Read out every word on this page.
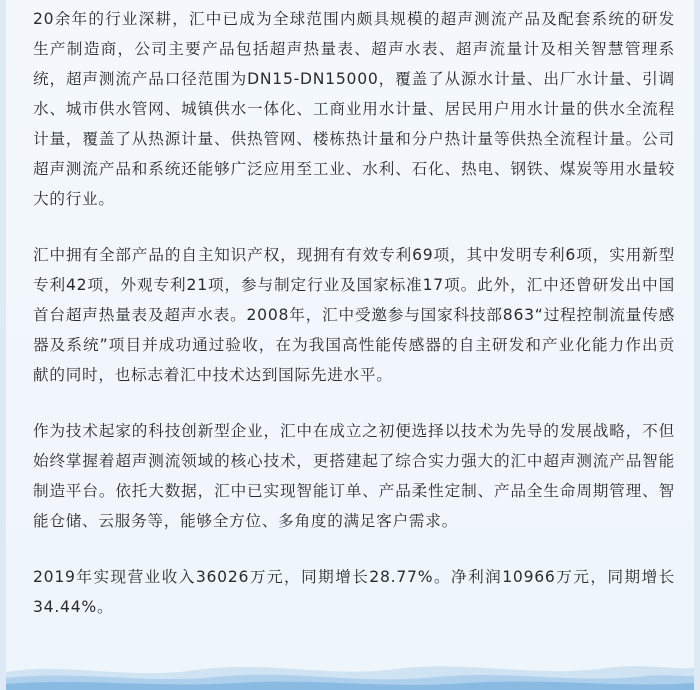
20余年的行业深耕，汇中已成为全球范围内颇具规模的超声测流产品及配套系统的研发生产制造商，公司主要产品包括超声热量表、超声水表、超声流量计及相关智慧管理系统，超声测流产品口径范围为DN15-DN15000，覆盖了从源水计量、出厂水计量、引调水、城市供水管网、城镇供水一体化、工商业用水计量、居民用户用水计量的供水全流程计量，覆盖了从热源计量、供热管网、楼栋热计量和分户热计量等供热全流程计量。公司超声测流产品和系统还能够广泛应用至工业、水利、石化、热电、钢铁、煤炭等用水量较大的行业。

汇中拥有全部产品的自主知识产权，现拥有有效专利69项，其中发明专利6项，实用新型专利42项，外观专利21项，参与制定行业及国家标准17项。此外，汇中还曾研发出中国首台超声热量表及超声水表。2008年，汇中受邀参与国家科技部863“过程控制流量传感器及系统”项目并成功通过验收，在为我国高性能传感器的自主研发和产业化能力作出贡献的同时，也标志着汇中技术达到国际先进水平。

作为技术起家的科技创新型企业，汇中在成立之初便选择以技术为先导的发展战略，不但始终掌握着超声测流领域的核心技术，更搭建起了综合实力强大的汇中超声测流产品智能制造平台。依托大数据，汇中已实现智能订单、产品柔性定制、产品全生命周期管理、智能仓储、云服务等，能够全方位、多角度的满足客户需求。

2019年实现营业收入36026万元，同期增长28.77%。净利润10966万元，同期增长34.44%。
